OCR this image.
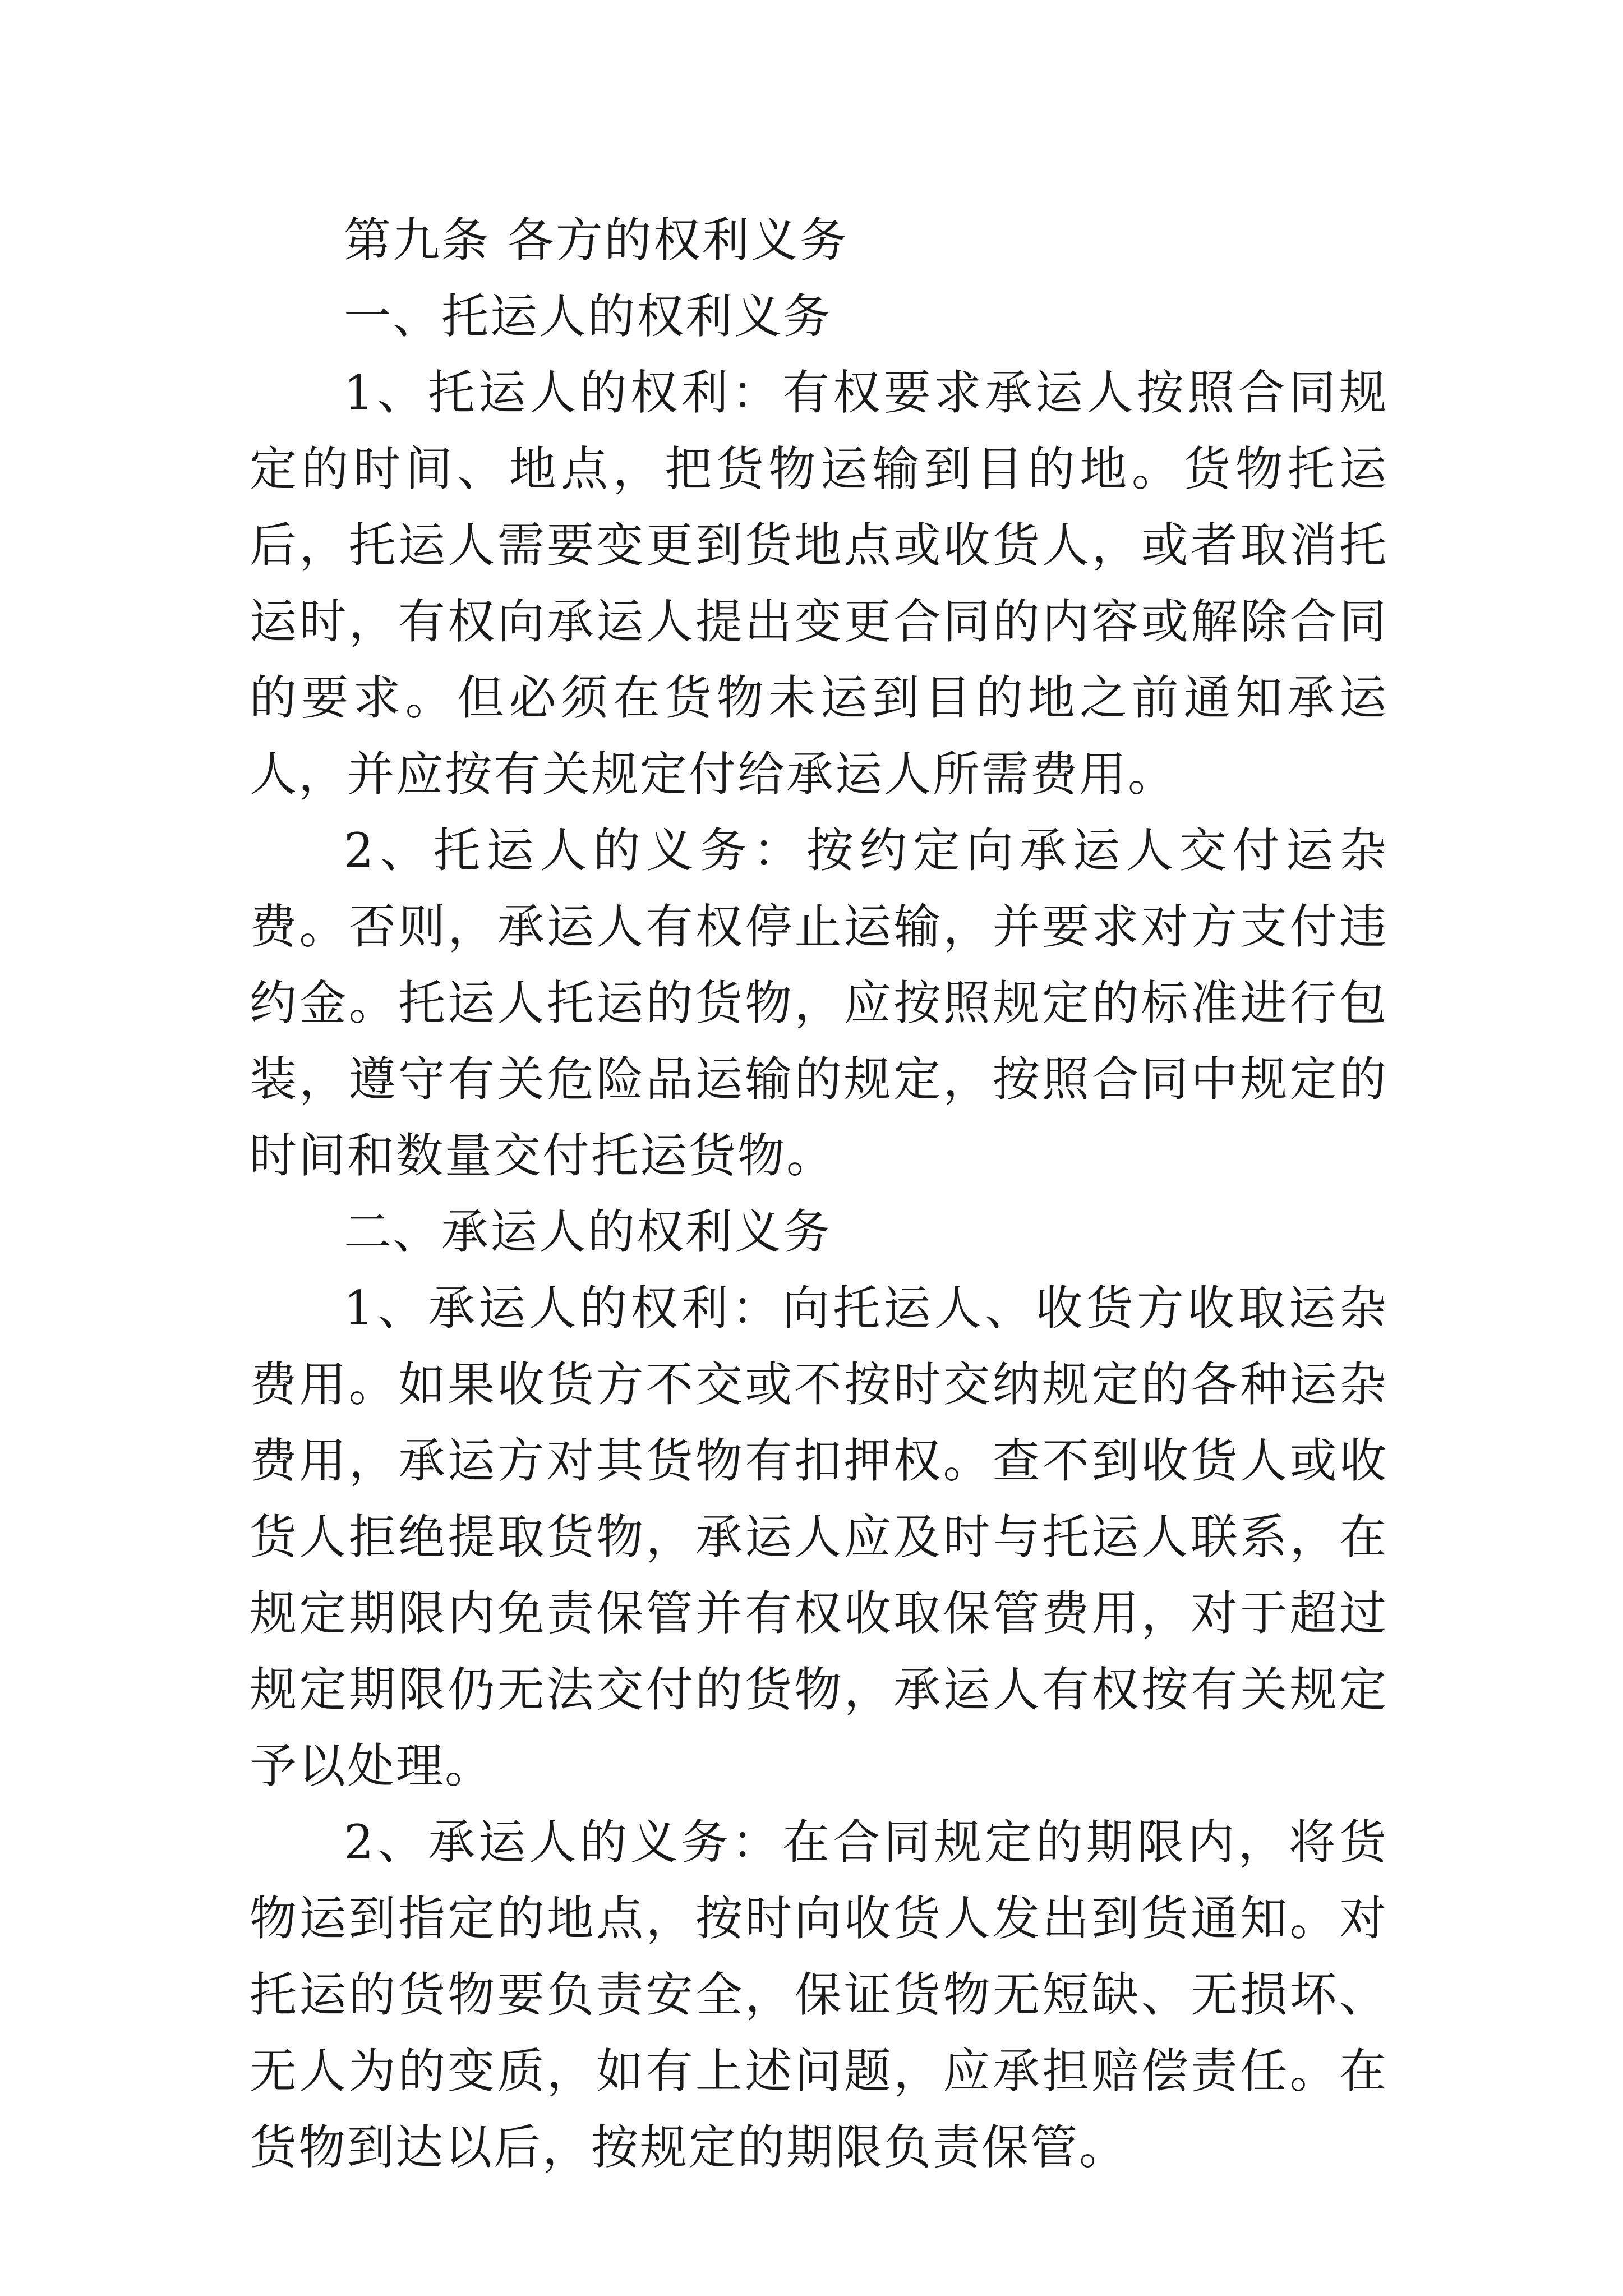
第九条 各方的权利义务

一、托运人的权利义务

1、托运人的权利：有权要求承运人按照合同规定的时间、地点，把货物运输到目的地。货物托运后，托运人需要变更到货地点或收货人，或者取消托运时，有权向承运人提出变更合同的内容或解除合同的要求。但必须在货物未运到目的地之前通知承运人，并应按有关规定付给承运人所需费用。

2、托运人的义务：按约定向承运人交付运杂费。否则，承运人有权停止运输，并要求对方支付违约金。托运人托运的货物，应按照规定的标准进行包装，遵守有关危险品运输的规定，按照合同中规定的时间和数量交付托运货物。

二、承运人的权利义务

1、承运人的权利：向托运人、收货方收取运杂费用。如果收货方不交或不按时交纳规定的各种运杂费用，承运方对其货物有扣押权。查不到收货人或收货人拒绝提取货物，承运人应及时与托运人联系，在规定期限内免责保管并有权收取保管费用，对于超过规定期限仍无法交付的货物，承运人有权按有关规定予以处理。

2、承运人的义务：在合同规定的期限内，将货物运到指定的地点，按时向收货人发出到货通知。对托运的货物要负责安全，保证货物无短缺、无损坏、无人为的变质，如有上述问题，应承担赔偿责任。在货物到达以后，按规定的期限负责保管。
